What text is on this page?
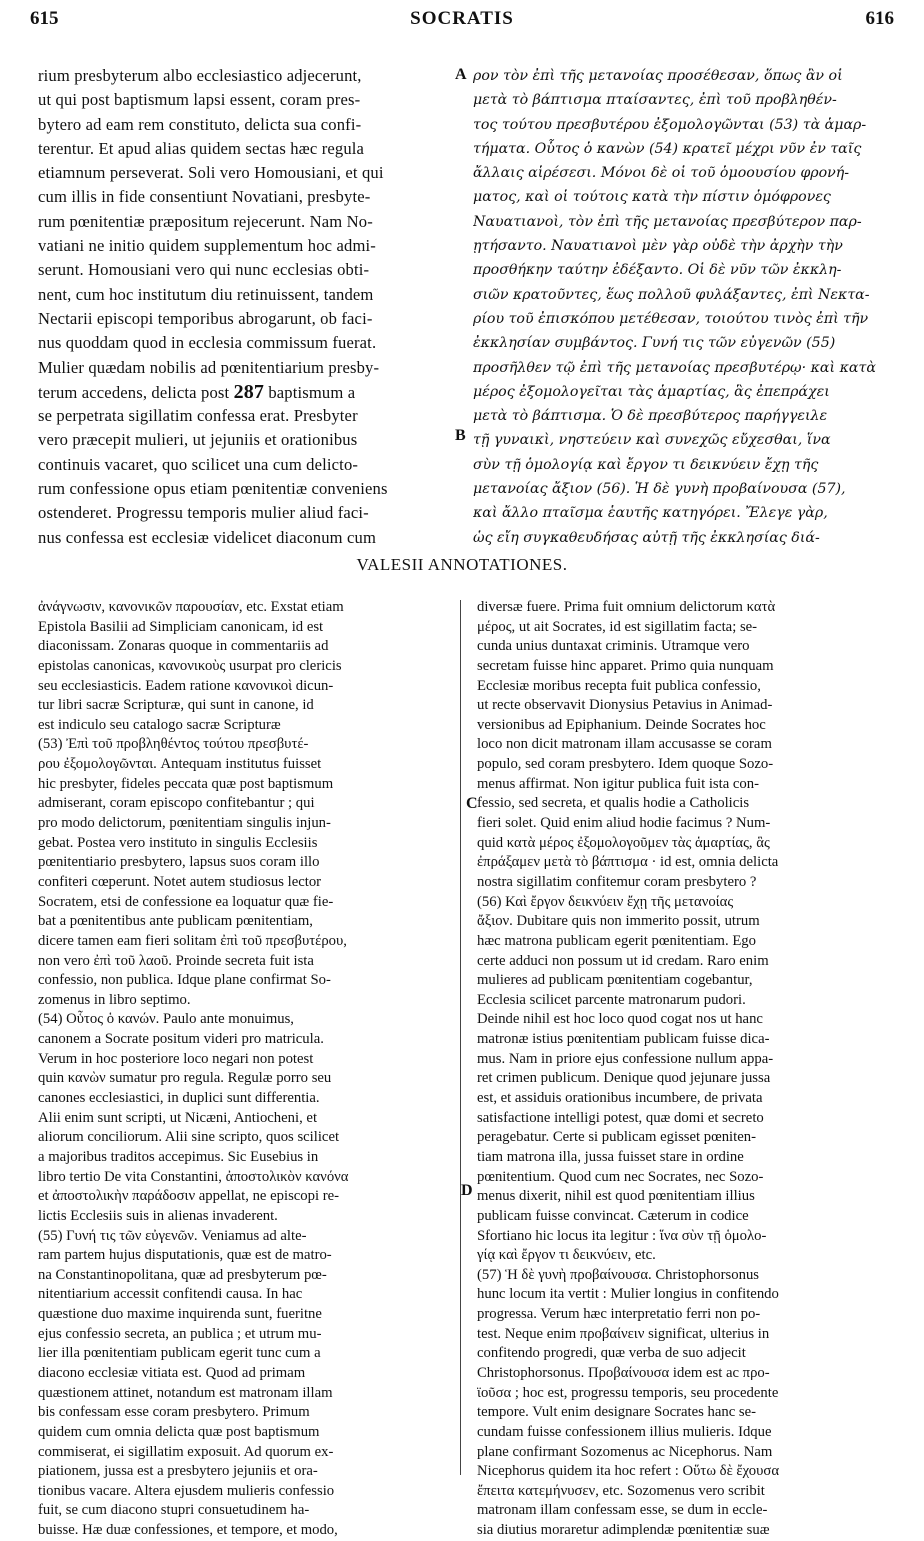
615	SOCRATIS	616
rium presbyterum albo ecclesiastico adjecerunt,
ut qui post baptismum lapsi essent, coram pres-
bytero ad eam rem constituto, delicta sua confi-
terentur. Et apud alias quidem sectas hæc regula
etiamnum perseverat. Soli vero Homousiani, et qui
cum illis in fide consentiunt Novatiani, presbyte-
rum pœnitentiæ præpositum rejecerunt. Nam No-
vatiani ne initio quidem supplementum hoc admi-
serunt. Homousiani vero qui nunc ecclesias obti-
nent, cum hoc institutum diu retinuissent, tandem
Nectarii episcopi temporibus abrogarunt, ob faci-
nus quoddam quod in ecclesia commissum fuerat.
Mulier quædam nobilis ad pœnitentiarium presby-
terum accedens, delicta post 287 baptismum a
se perpetrata sigillatim confessa erat. Presbyter
vero præcepit mulieri, ut jejuniis et orationibus
continuis vacaret, quo scilicet una cum delicto-
rum confessione opus etiam pœnitentiæ conveniens
ostenderet. Progressu temporis mulier aliud faci-
nus confessa est ecclesiæ videlicet diaconum cum
ρον τὸν ἐπὶ τῆς μετανοίας προσέθεσαν, ὅπως ἂν οἱ
μετὰ τὸ βάπτισμα πταίσαντες, ἐπὶ τοῦ προβληθέν-
τος τούτου πρεσβυτέρου ἐξομολογῶνται (53) τὰ ἁμαρ-
τήματα. Οὗτος ὁ κανὼν (54) κρατεῖ μέχρι νῦν ἐν ταῖς
ἄλλαις αἱρέσεσι. Μόνοι δὲ οἱ τοῦ ὁμοουσίου φρονή-
ματος, καὶ οἱ τούτοις κατὰ τὴν πίστιν ὁμόφρονες
Ναυατιανοὶ, τὸν ἐπὶ τῆς μετανοίας πρεσβύτερον παρ-
ῃτήσαντο. Ναυατιανοὶ μὲν γὰρ οὐδὲ τὴν ἀρχὴν τὴν
προσθήκην ταύτην ἐδέξαντο. Οἱ δὲ νῦν τῶν ἐκκλη-
σιῶν κρατοῦντες, ἕως πολλοῦ φυλάξαντες, ἐπὶ Νεκτα-
ρίου τοῦ ἐπισκόπου μετέθεσαν, τοιούτου τινὸς ἐπὶ τῆν
ἐκκλησίαν συμβάντος. Γυνή τις τῶν εὐγενῶν (55)
προσῆλθεν τῷ ἐπὶ τῆς μετανοίας πρεσβυτέρῳ· καὶ κατὰ
μέρος ἐξομολογεῖται τὰς ἁμαρτίας, ἃς ἐπεπράχει
μετὰ τὸ βάπτισμα. Ὁ δὲ πρεσβύτερος παρήγγειλε
τῇ γυναικὶ, νηστεύειν καὶ συνεχῶς εὔχεσθαι, ἵνα
σὺν τῇ ὁμολογίᾳ καὶ ἔργον τι δεικνύειν ἔχῃ τῆς
μετανοίας ἄξιον (56). Ἡ δὲ γυνὴ προβαίνουσα (57),
καὶ ἄλλο πταῖσμα ἑαυτῆς κατηγόρει. Ἔλεγε γὰρ,
ὡς εἴη συγκαθευδήσας αὐτῇ τῆς ἐκκλησίας διά-
A
B
C
D
VALESII ANNOTATIONES.
ἀνάγνωσιν, κανονικῶν παρουσίαν, etc. Exstat etiam
Epistola Basilii ad Simpliciam canonicam, id est
diaconissam. Zonaras quoque in commentariis ad
epistolas canonicas, κανονικοὺς usurpat pro clericis
seu ecclesiasticis. Eadem ratione κανονικοὶ dicun-
tur libri sacræ Scripturæ, qui sunt in canone, id
est indiculo seu catalogo sacræ Scripturæ
(53) Ἐπὶ τοῦ προβληθέντος τούτου πρεσβυτέ-
ρου ἐξομολογῶνται. Antequam institutus fuisset
hic presbyter, fideles peccata quæ post baptismum
admiserant, coram episcopo confitebantur ; qui
pro modo delictorum, pœnitentiam singulis injun-
gebat. Postea vero instituto in singulis Ecclesiis
pœnitentiario presbytero, lapsus suos coram illo
confiteri cœperunt. Notet autem studiosus lector
Socratem, etsi de confessione ea loquatur quæ fie-
bat a pœnitentibus ante publicam pœnitentiam,
dicere tamen eam fieri solitam ἐπὶ τοῦ πρεσβυτέρου,
non vero ἐπὶ τοῦ λαοῦ. Proinde secreta fuit ista
confessio, non publica. Idque plane confirmat So-
zomenus in libro septimo.
(54) Οὗτος ὁ κανών. Paulo ante monuimus,
canonem a Socrate positum videri pro matricula.
Verum in hoc posteriore loco negari non potest
quin κανὼν sumatur pro regula. Regulæ porro seu
canones ecclesiastici, in duplici sunt differentia.
Alii enim sunt scripti, ut Nicæni, Antiocheni, et
aliorum conciliorum. Alii sine scripto, quos scilicet
a majoribus traditos accepimus. Sic Eusebius in
libro tertio De vita Constantini, ἀποστολικὸν κανόνα
et ἀποστολικὴν παράδοσιν appellat, ne episcopi re-
lictis Ecclesiis suis in alienas invaderent.
(55) Γυνή τις τῶν εὐγενῶν. Veniamus ad alte-
ram partem hujus disputationis, quæ est de matro-
na Constantinopolitana, quæ ad presbyterum pœ-
nitentiarium accessit confitendi causa. In hac
quæstione duo maxime inquirenda sunt, fueritne
ejus confessio secreta, an publica ; et utrum mu-
lier illa pœnitentiam publicam egerit tunc cum a
diacono ecclesiæ vitiata est. Quod ad primam
quæstionem attinet, notandum est matronam illam
bis confessam esse coram presbytero. Primum
quidem cum omnia delicta quæ post baptismum
commiserat, ei sigillatim exposuit. Ad quorum ex-
piationem, jussa est a presbytero jejuniis et ora-
tionibus vacare. Altera ejusdem mulieris confessio
fuit, se cum diacono stupri consuetudinem ha-
buisse. Hæ duæ confessiones, et tempore, et modo,
diversæ fuere. Prima fuit omnium delictorum κατὰ
μέρος, ut ait Socrates, id est sigillatim facta; se-
cunda unius duntaxat criminis. Utramque vero
secretam fuisse hinc apparet. Primo quia nunquam
Ecclesiæ moribus recepta fuit publica confessio,
ut recte observavit Dionysius Petavius in Animad-
versionibus ad Epiphanium. Deinde Socrates hoc
loco non dicit matronam illam accusasse se coram
populo, sed coram presbytero. Idem quoque Sozo-
menus affirmat. Non igitur publica fuit ista con-
fessio, sed secreta, et qualis hodie a Catholicis
fieri solet. Quid enim aliud hodie facimus ? Num-
quid κατὰ μέρος ἐξομολογοῦμεν τὰς ἁμαρτίας, ἃς
ἐπράξαμεν μετὰ τὸ βάπτισμα · id est, omnia delicta
nostra sigillatim confitemur coram presbytero ?
(56) Καὶ ἔργον δεικνύειν ἔχῃ τῆς μετανοίας
ἄξιον. Dubitare quis non immerito possit, utrum
hæc matrona publicam egerit pœnitentiam. Ego
certe adduci non possum ut id credam. Raro enim
mulieres ad publicam pœnitentiam cogebantur,
Ecclesia scilicet parcente matronarum pudori.
Deinde nihil est hoc loco quod cogat nos ut hanc
matronæ istius pœnitentiam publicam fuisse dica-
mus. Nam in priore ejus confessione nullum appa-
ret crimen publicum. Denique quod jejunare jussa
est, et assiduis orationibus incumbere, de privata
satisfactione intelligi potest, quæ domi et secreto
peragebatur. Certe si publicam egisset pœniten-
tiam matrona illa, jussa fuisset stare in ordine
pœnitentium. Quod cum nec Socrates, nec Sozo-
menus dixerit, nihil est quod pœnitentiam illius
publicam fuisse convincat. Cæterum in codice
Sfortiano hic locus ita legitur : ἵνα σὺν τῇ ὁμολο-
γίᾳ καὶ ἔργον τι δεικνύειν, etc.
(57) Ἡ δὲ γυνὴ προβαίνουσα. Christophorsonus
hunc locum ita vertit : Mulier longius in confitendo
progressa. Verum hæc interpretatio ferri non po-
test. Neque enim προβαίνειν significat, ulterius in
confitendo progredi, quæ verba de suo adjecit
Christophorsonus. Προβαίνουσα idem est ac προ-
ϊοῦσα ; hoc est, progressu temporis, seu procedente
tempore. Vult enim designare Socrates hanc se-
cundam fuisse confessionem illius mulieris. Idque
plane confirmant Sozomenus ac Nicephorus. Nam
Nicephorus quidem ita hoc refert : Οὕτω δὲ ἔχουσα
ἔπειτα κατεμήνυσεν, etc. Sozomenus vero scribit
matronam illam confessam esse, se dum in eccle-
sia diutius moraretur adimplendæ pœnitentiæ suæ
